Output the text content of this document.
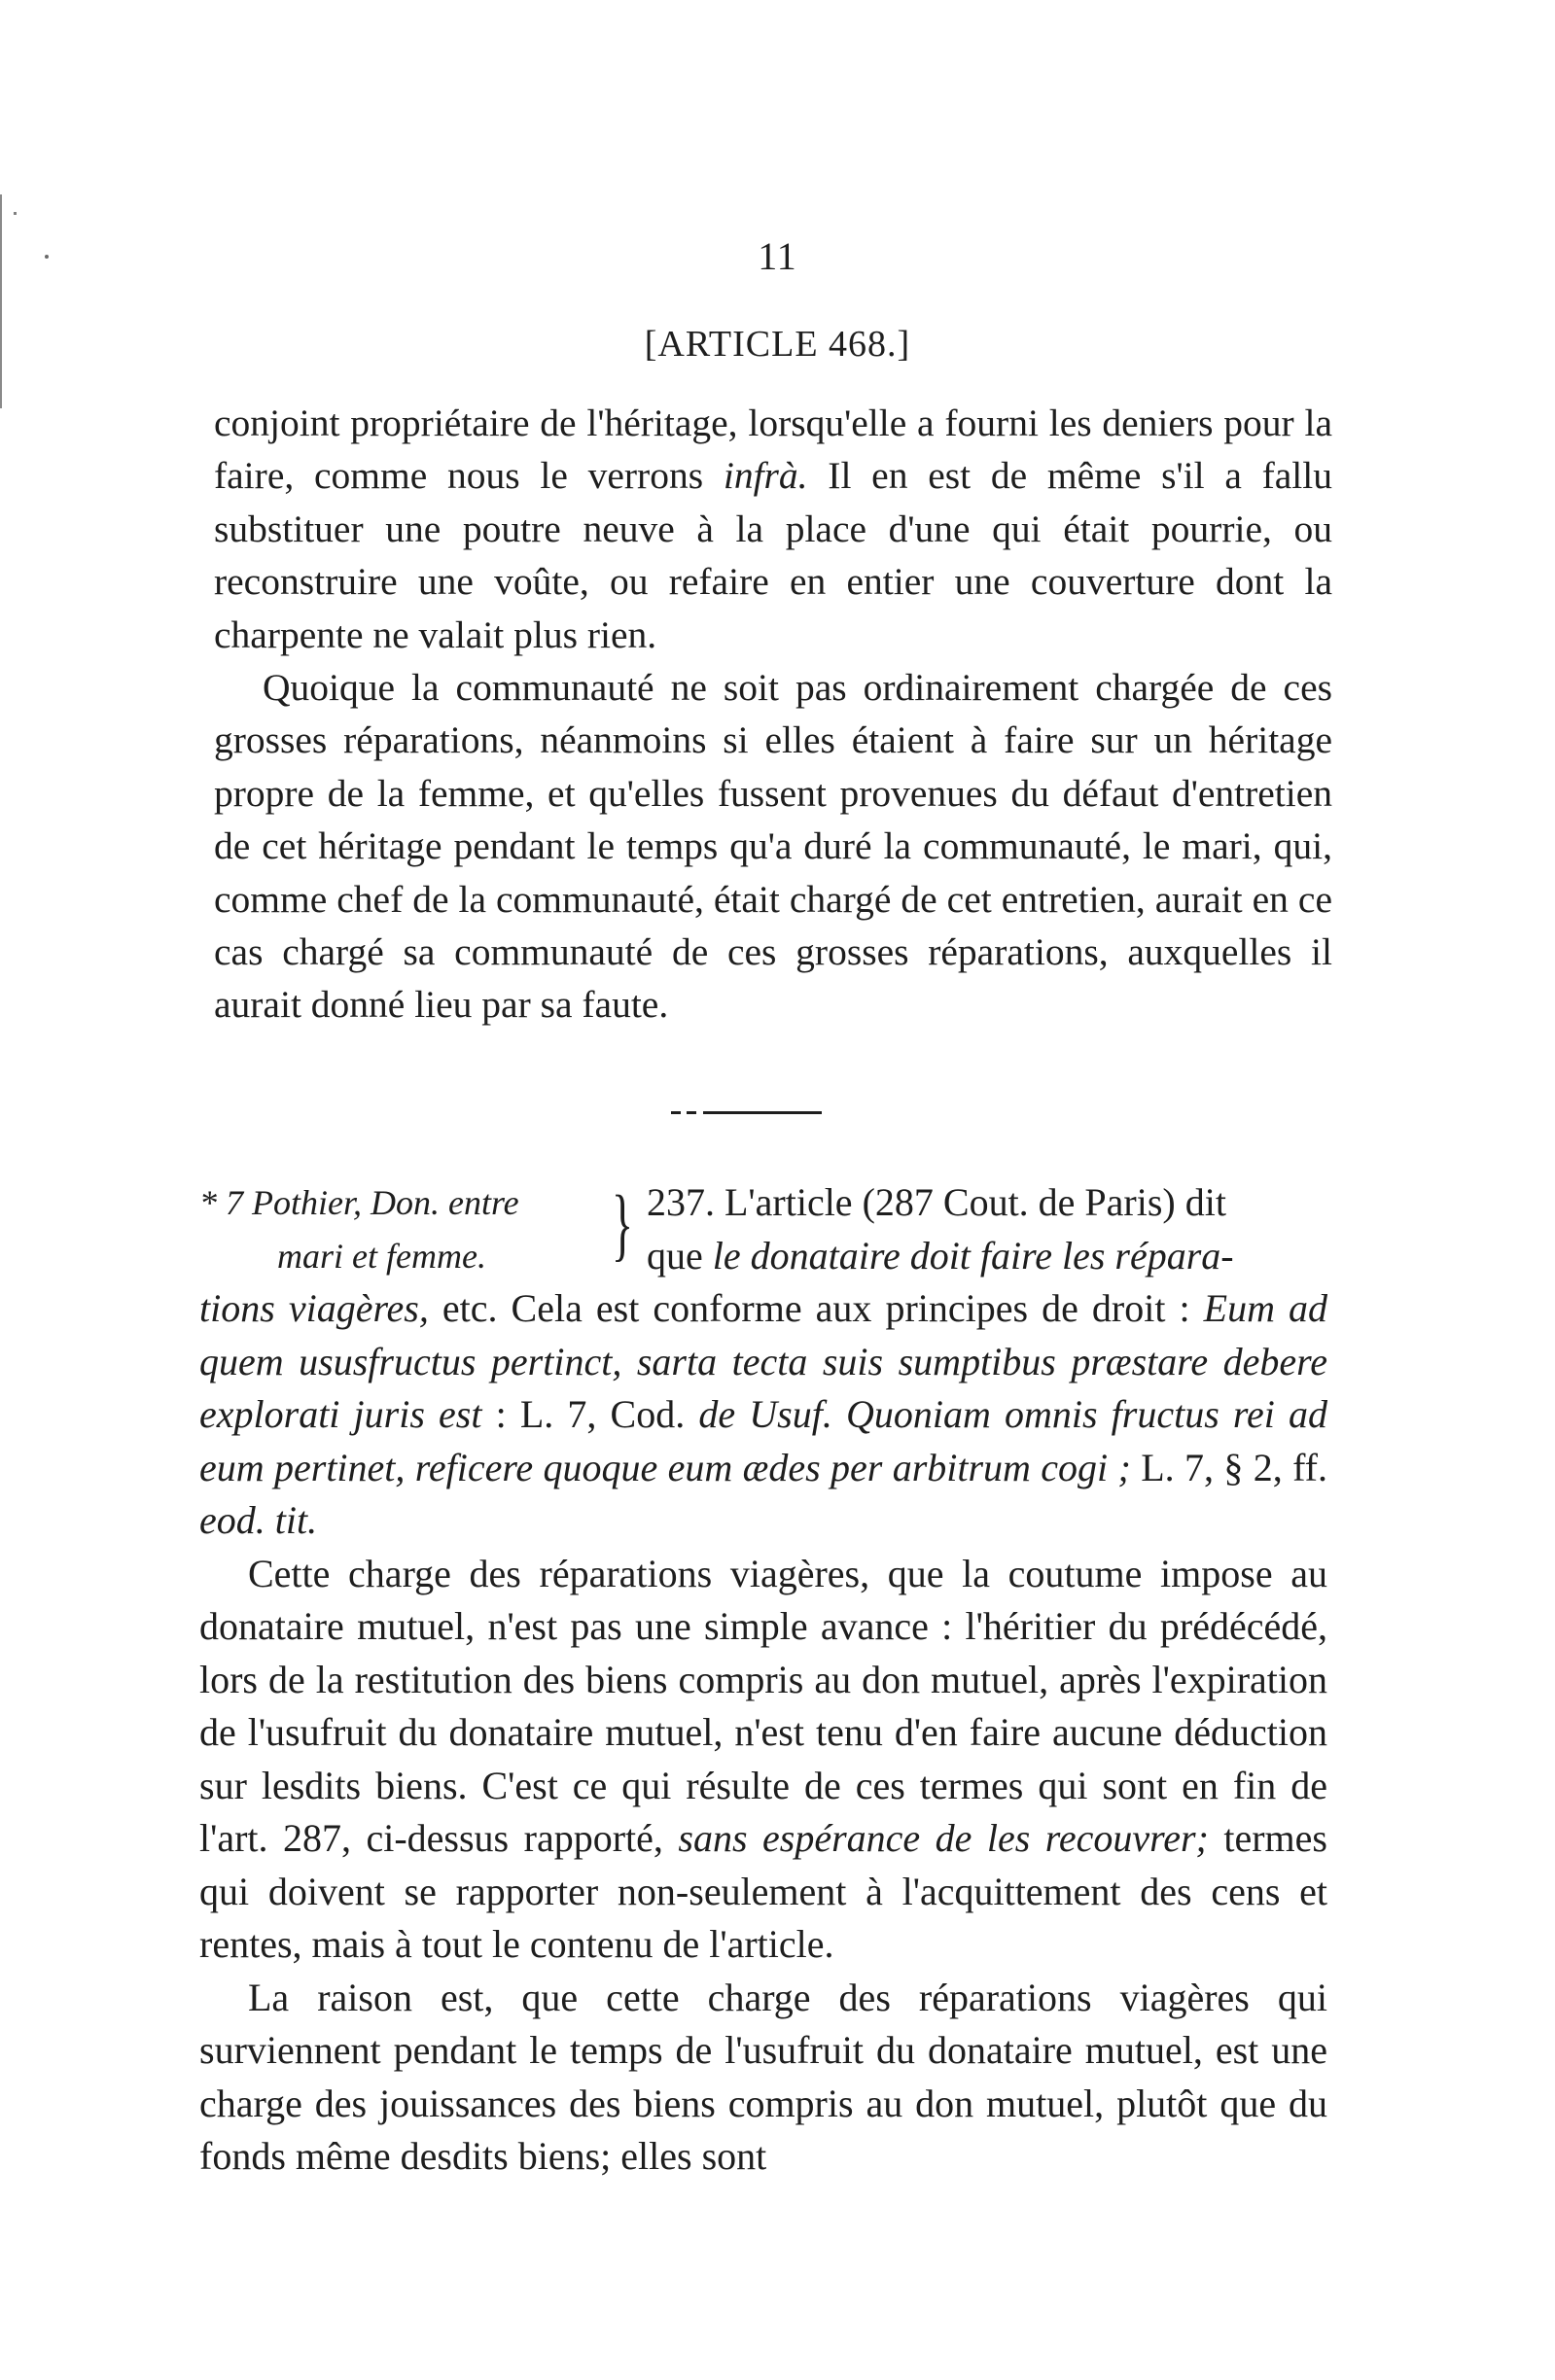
11
[ARTICLE 468.]

conjoint propriétaire de l'héritage, lorsqu'elle a fourni les deniers pour la faire, comme nous le verrons infrà. Il en est de même s'il a fallu substituer une poutre neuve à la place d'une qui était pourrie, ou reconstruire une voûte, ou refaire en entier une couverture dont la charpente ne valait plus rien.

Quoique la communauté ne soit pas ordinairement chargée de ces grosses réparations, néanmoins si elles étaient à faire sur un héritage propre de la femme, et qu'elles fussent provenues du défaut d'entretien de cet héritage pendant le temps qu'a duré la communauté, le mari, qui, comme chef de la communauté, était chargé de cet entretien, aurait en ce cas chargé sa communauté de ces grosses réparations, auxquelles il aurait donné lieu par sa faute.

* 7 Pothier, Don. entre
mari et femme.	} 237. L'article (287 Cout. de Paris) dit
que le donataire doit faire les répara-

tions viagères, etc. Cela est conforme aux principes de droit : Eum ad quem ususfructus pertinct, sarta tecta suis sumptibus præstare debere explorati juris est : L. 7, Cod. de Usuf. Quoniam omnis fructus rei ad eum pertinet, reficere quoque eum ædes per arbitrum cogi ; L. 7, § 2, ff. eod. tit.

Cette charge des réparations viagères, que la coutume impose au donataire mutuel, n'est pas une simple avance : l'héritier du prédécédé, lors de la restitution des biens compris au don mutuel, après l'expiration de l'usufruit du donataire mutuel, n'est tenu d'en faire aucune déduction sur lesdits biens. C'est ce qui résulte de ces termes qui sont en fin de l'art. 287, ci-dessus rapporté, sans espérance de les recouvrer; termes qui doivent se rapporter non-seulement à l'acquittement des cens et rentes, mais à tout le contenu de l'article.

La raison est, que cette charge des réparations viagères qui surviennent pendant le temps de l'usufruit du donataire mutuel, est une charge des jouissances des biens compris au don mutuel, plutôt que du fonds même desdits biens; elles sont
